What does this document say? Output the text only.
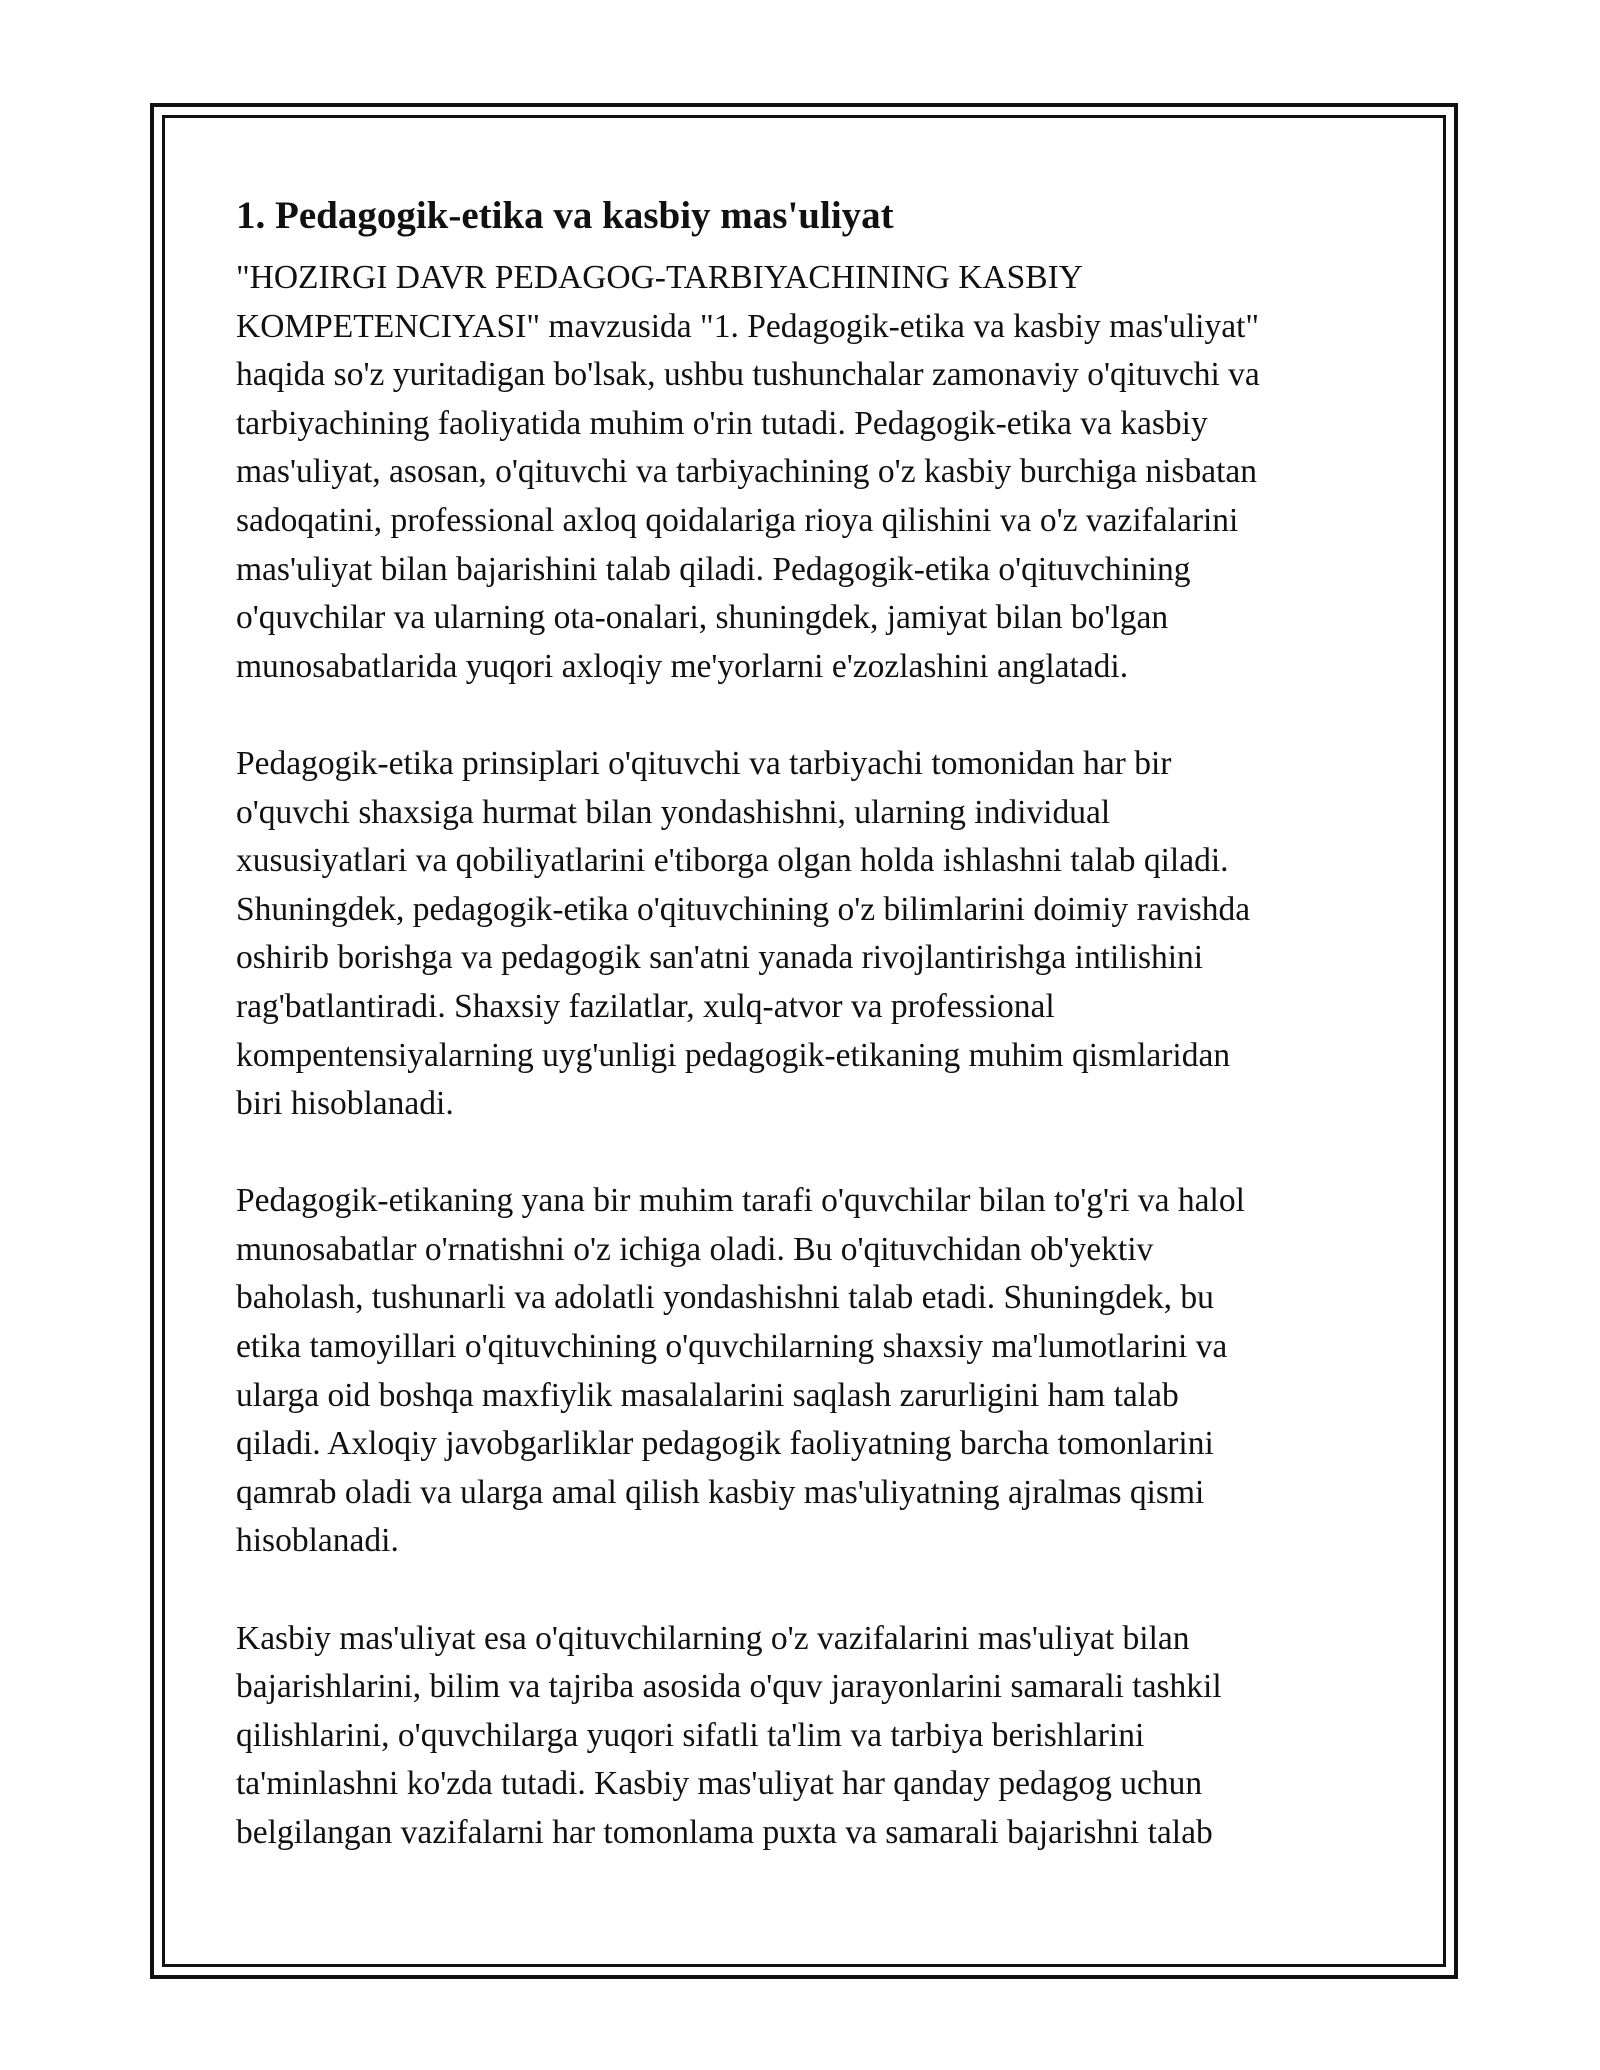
1. Pedagogik-etika va kasbiy mas'uliyat

"HOZIRGI DAVR PEDAGOG-TARBIYACHINING KASBIY
KOMPETENCIYASI" mavzusida "1. Pedagogik-etika va kasbiy mas'uliyat"
haqida so'z yuritadigan bo'lsak, ushbu tushunchalar zamonaviy o'qituvchi va
tarbiyachining faoliyatida muhim o'rin tutadi. Pedagogik-etika va kasbiy
mas'uliyat, asosan, o'qituvchi va tarbiyachining o'z kasbiy burchiga nisbatan
sadoqatini, professional axloq qoidalariga rioya qilishini va o'z vazifalarini
mas'uliyat bilan bajarishini talab qiladi. Pedagogik-etika o'qituvchining
o'quvchilar va ularning ota-onalari, shuningdek, jamiyat bilan bo'lgan
munosabatlarida yuqori axloqiy me'yorlarni e'zozlashini anglatadi.

Pedagogik-etika prinsiplari o'qituvchi va tarbiyachi tomonidan har bir
o'quvchi shaxsiga hurmat bilan yondashishni, ularning individual
xususiyatlari va qobiliyatlarini e'tiborga olgan holda ishlashni talab qiladi.
Shuningdek, pedagogik-etika o'qituvchining o'z bilimlarini doimiy ravishda
oshirib borishga va pedagogik san'atni yanada rivojlantirishga intilishini
rag'batlantiradi. Shaxsiy fazilatlar, xulq-atvor va professional
kompentensiyalarning uyg'unligi pedagogik-etikaning muhim qismlaridan
biri hisoblanadi.

Pedagogik-etikaning yana bir muhim tarafi o'quvchilar bilan to'g'ri va halol
munosabatlar o'rnatishni o'z ichiga oladi. Bu o'qituvchidan ob'yektiv
baholash, tushunarli va adolatli yondashishni talab etadi. Shuningdek, bu
etika tamoyillari o'qituvchining o'quvchilarning shaxsiy ma'lumotlarini va
ularga oid boshqa maxfiylik masalalarini saqlash zarurligini ham talab
qiladi. Axloqiy javobgarliklar pedagogik faoliyatning barcha tomonlarini
qamrab oladi va ularga amal qilish kasbiy mas'uliyatning ajralmas qismi
hisoblanadi.

Kasbiy mas'uliyat esa o'qituvchilarning o'z vazifalarini mas'uliyat bilan
bajarishlarini, bilim va tajriba asosida o'quv jarayonlarini samarali tashkil
qilishlarini, o'quvchilarga yuqori sifatli ta'lim va tarbiya berishlarini
ta'minlashni ko'zda tutadi. Kasbiy mas'uliyat har qanday pedagog uchun
belgilangan vazifalarni har tomonlama puxta va samarali bajarishni talab
